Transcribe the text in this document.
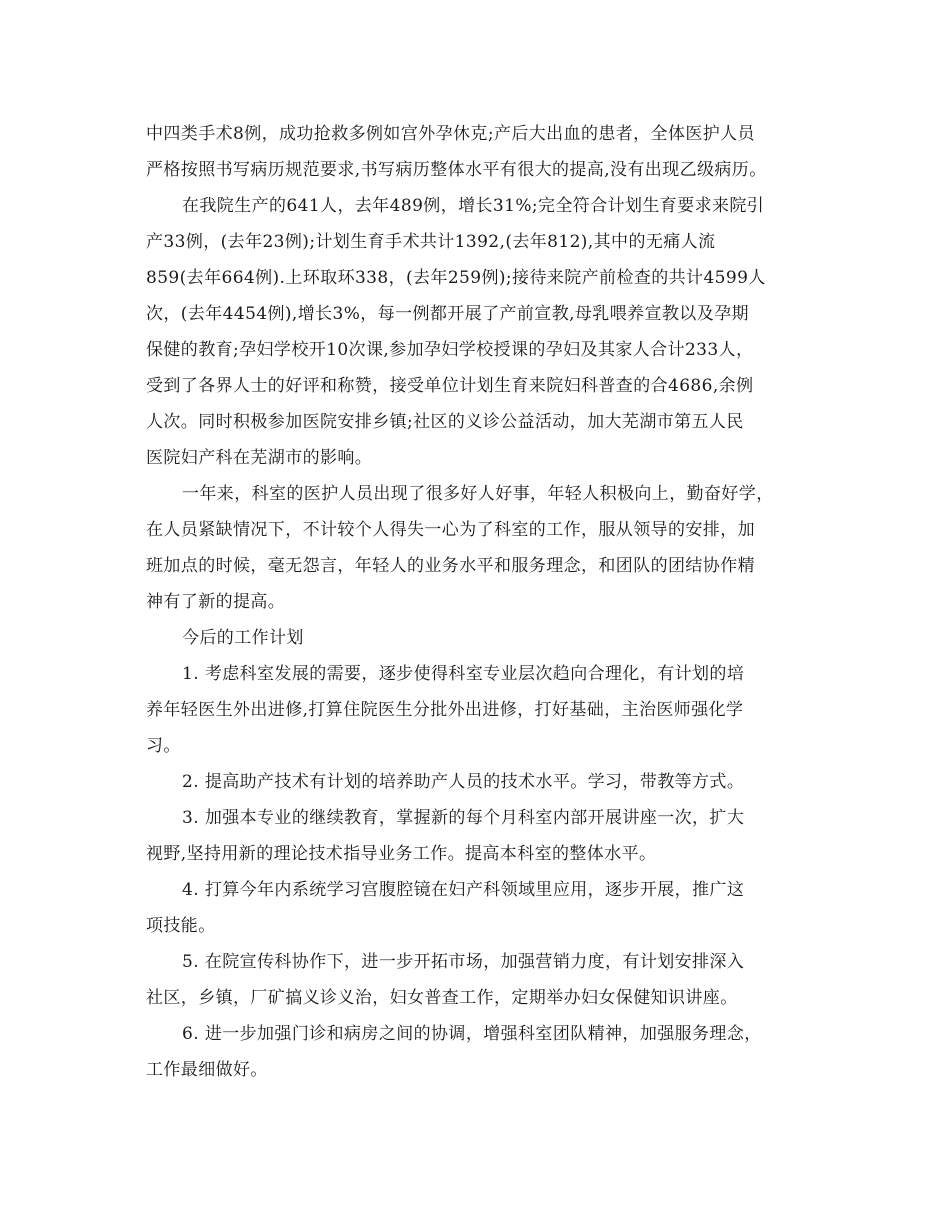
中四类手术8例，成功抢救多例如宫外孕休克;产后大出血的患者，全体医护人员
严格按照书写病历规范要求,书写病历整体水平有很大的提高,没有出现乙级病历。
在我院生产的641人，去年489例，增长31%;完全符合计划生育要求来院引
产33例，(去年23例);计划生育手术共计1392,(去年812),其中的无痛人流
859(去年664例).上环取环338，(去年259例);接待来院产前检查的共计4599人
次，(去年4454例),增长3%，每一例都开展了产前宣教,母乳喂养宣教以及孕期
保健的教育;孕妇学校开10次课,参加孕妇学校授课的孕妇及其家人合计233人，
受到了各界人士的好评和称赞，接受单位计划生育来院妇科普查的合4686,余例
人次。同时积极参加医院安排乡镇;社区的义诊公益活动，加大芜湖市第五人民
医院妇产科在芜湖市的影响。
一年来，科室的医护人员出现了很多好人好事，年轻人积极向上，勤奋好学，
在人员紧缺情况下，不计较个人得失一心为了科室的工作，服从领导的安排，加
班加点的时候，毫无怨言，年轻人的业务水平和服务理念，和团队的团结协作精
神有了新的提高。
今后的工作计划
1. 考虑科室发展的需要，逐步使得科室专业层次趋向合理化，有计划的培
养年轻医生外出进修,打算住院医生分批外出进修，打好基础，主治医师强化学
习。
2. 提高助产技术有计划的培养助产人员的技术水平。学习，带教等方式。
3. 加强本专业的继续教育，掌握新的每个月科室内部开展讲座一次，扩大
视野,坚持用新的理论技术指导业务工作。提高本科室的整体水平。
4. 打算今年内系统学习宫腹腔镜在妇产科领域里应用，逐步开展，推广这
项技能。
5. 在院宣传科协作下，进一步开拓市场，加强营销力度，有计划安排深入
社区，乡镇，厂矿搞义诊义治，妇女普查工作，定期举办妇女保健知识讲座。
6. 进一步加强门诊和病房之间的协调，增强科室团队精神，加强服务理念，
工作最细做好。
